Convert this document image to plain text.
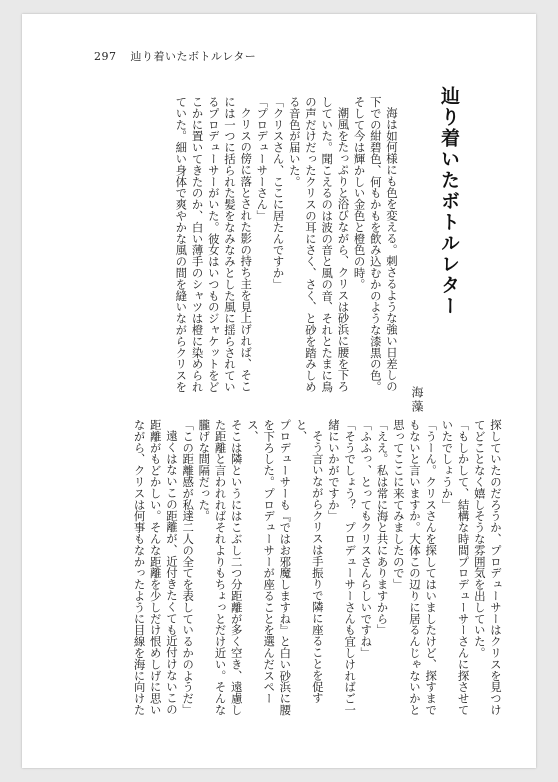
297 辿り着いたボトルレター
辿り着いたボトルレター
海藻

海は如何様にも色を変える。刺さるような強い日差しの
下での紺碧色、何もかもを飲み込むかのような漆黒の色。
そして今は輝かしい金色と橙色の時。

潮風をたっぷりと浴びながら、クリスは砂浜に腰を下ろ
していた。聞こえるのは波の音と風の音、それとたまに鳥
の声だけだったクリスの耳にさく、さく、と砂を踏みしめ
る音色が届いた。

「クリスさん、ここに居たんですか」
「プロデューサーさん」

クリスの傍に落とされた影の持ち主を見上げれば、そこ
には一つに括られた髪をなみなみとした風に揺らされてい
るプロデューサーがいた。彼女はいつものジャケットをど
こかに置いてきたのか、白い薄手のシャツは橙に染められ
ていた。細い身体で爽やかな風の間を縫いながらクリスを

探していたのだろうか、プロデューサーはクリスを見つけ
てどことなく嬉しそうな雰囲気を出していた。

「もしかして、結構な時間プロデューサーさんに探させて
いたでしょうか」

「うーん。クリスさんを探してはいましたけど、探すまで
もないと言いますか。大体この辺りに居るんじゃないかと
思ってここに来てみましたので」

「ええ。私は常に海と共にありますから」
「ふふっ、とってもクリスさんらしいですね」
「そうでしょう？　プロデューサーさんも宜しければご一
緒にいかがですか」

そう言いながらクリスは手振りで隣に座ることを促すと、
プロデューサーも『ではお邪魔しますね』と白い砂浜に腰
を下ろした。プロデューサーが座ることを選んだスペース、
そこは隣というにはこぶし二つ分距離が多く空き、遠慮し
た距離と言われればそれよりもちょっとだけ近い。そんな
朧げな間隔だった。

「この距離感が私達二人の全てを表しているかのようだ」

遠くはないこの距離が、近付きたくても近付けないこの
距離がもどかしい。そんな距離を少しだけ恨めしげに思い
ながら、クリスは何事もなかったように目線を海に向けた
